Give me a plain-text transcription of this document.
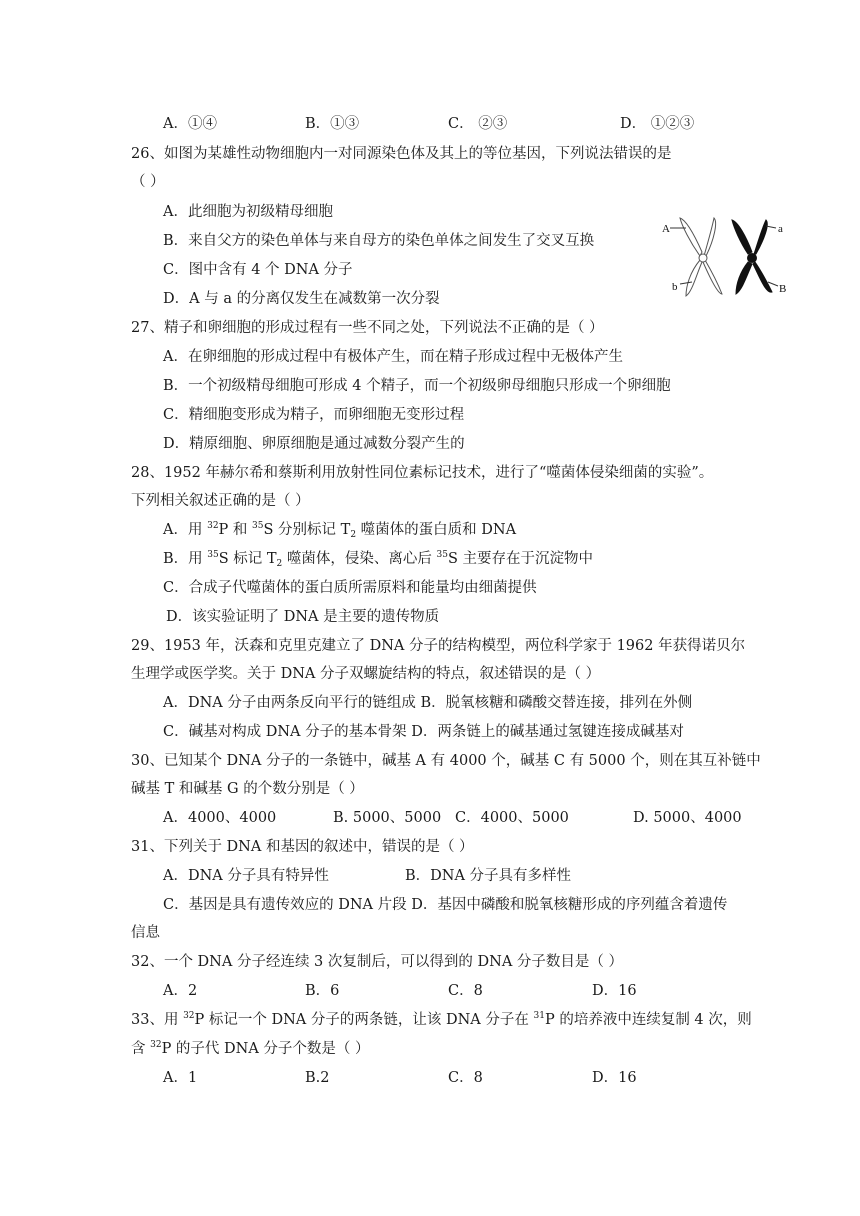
A．①④	B．①③	C． ②③	D． ①②③
26、如图为某雄性动物细胞内一对同源染色体及其上的等位基因，下列说法错误的是
（ ）
A．此细胞为初级精母细胞
B．来自父方的染色单体与来自母方的染色单体之间发生了交叉互换
C．图中含有 4 个 DNA 分子
D．A 与 a 的分离仅发生在减数第一次分裂
A	a
b	B
27、精子和卵细胞的形成过程有一些不同之处，下列说法不正确的是（ ）
A．在卵细胞的形成过程中有极体产生，而在精子形成过程中无极体产生
B．一个初级精母细胞可形成 4 个精子，而一个初级卵母细胞只形成一个卵细胞
C．精细胞变形成为精子，而卵细胞无变形过程
D．精原细胞、卵原细胞是通过减数分裂产生的
28、1952 年赫尔希和蔡斯利用放射性同位素标记技术，进行了“噬菌体侵染细菌的实验”。
下列相关叙述正确的是（ ）
A．用 $^{32}$P 和 $^{35}$S 分别标记 $T_2$ 噬菌体的蛋白质和 DNA
B．用 $^{35}$S 标记 $T_2$ 噬菌体，侵染、离心后 $^{35}$S 主要存在于沉淀物中
C．合成子代噬菌体的蛋白质所需原料和能量均由细菌提供
D．该实验证明了 DNA 是主要的遗传物质
29、1953 年，沃森和克里克建立了 DNA 分子的结构模型，两位科学家于 1962 年获得诺贝尔
生理学或医学奖。关于 DNA 分子双螺旋结构的特点，叙述错误的是（ ）
A．DNA 分子由两条反向平行的链组成 B．脱氧核糖和磷酸交替连接，排列在外侧
C．碱基对构成 DNA 分子的基本骨架 D．两条链上的碱基通过氢键连接成碱基对
30、已知某个 DNA 分子的一条链中，碱基 A 有 4000 个，碱基 C 有 5000 个，则在其互补链中
碱基 T 和碱基 G 的个数分别是（ ）
A．4000、4000	B. 5000、5000 C．4000、5000	D. 5000、4000
31、下列关于 DNA 和基因的叙述中，错误的是（ ）
A．DNA 分子具有特异性	B．DNA 分子具有多样性
C．基因是具有遗传效应的 DNA 片段 D．基因中磷酸和脱氧核糖形成的序列蕴含着遗传
信息
32、一个 DNA 分子经连续 3 次复制后，可以得到的 DNA 分子数目是（ ）
A．2	B．6	C．8	D．16
33、用 $^{32}$P 标记一个 DNA 分子的两条链，让该 DNA 分子在 $^{31}$P 的培养液中连续复制 4 次，则
含 $^{32}$P 的子代 DNA 分子个数是（ ）
A．1	B.2	C．8	D．16
